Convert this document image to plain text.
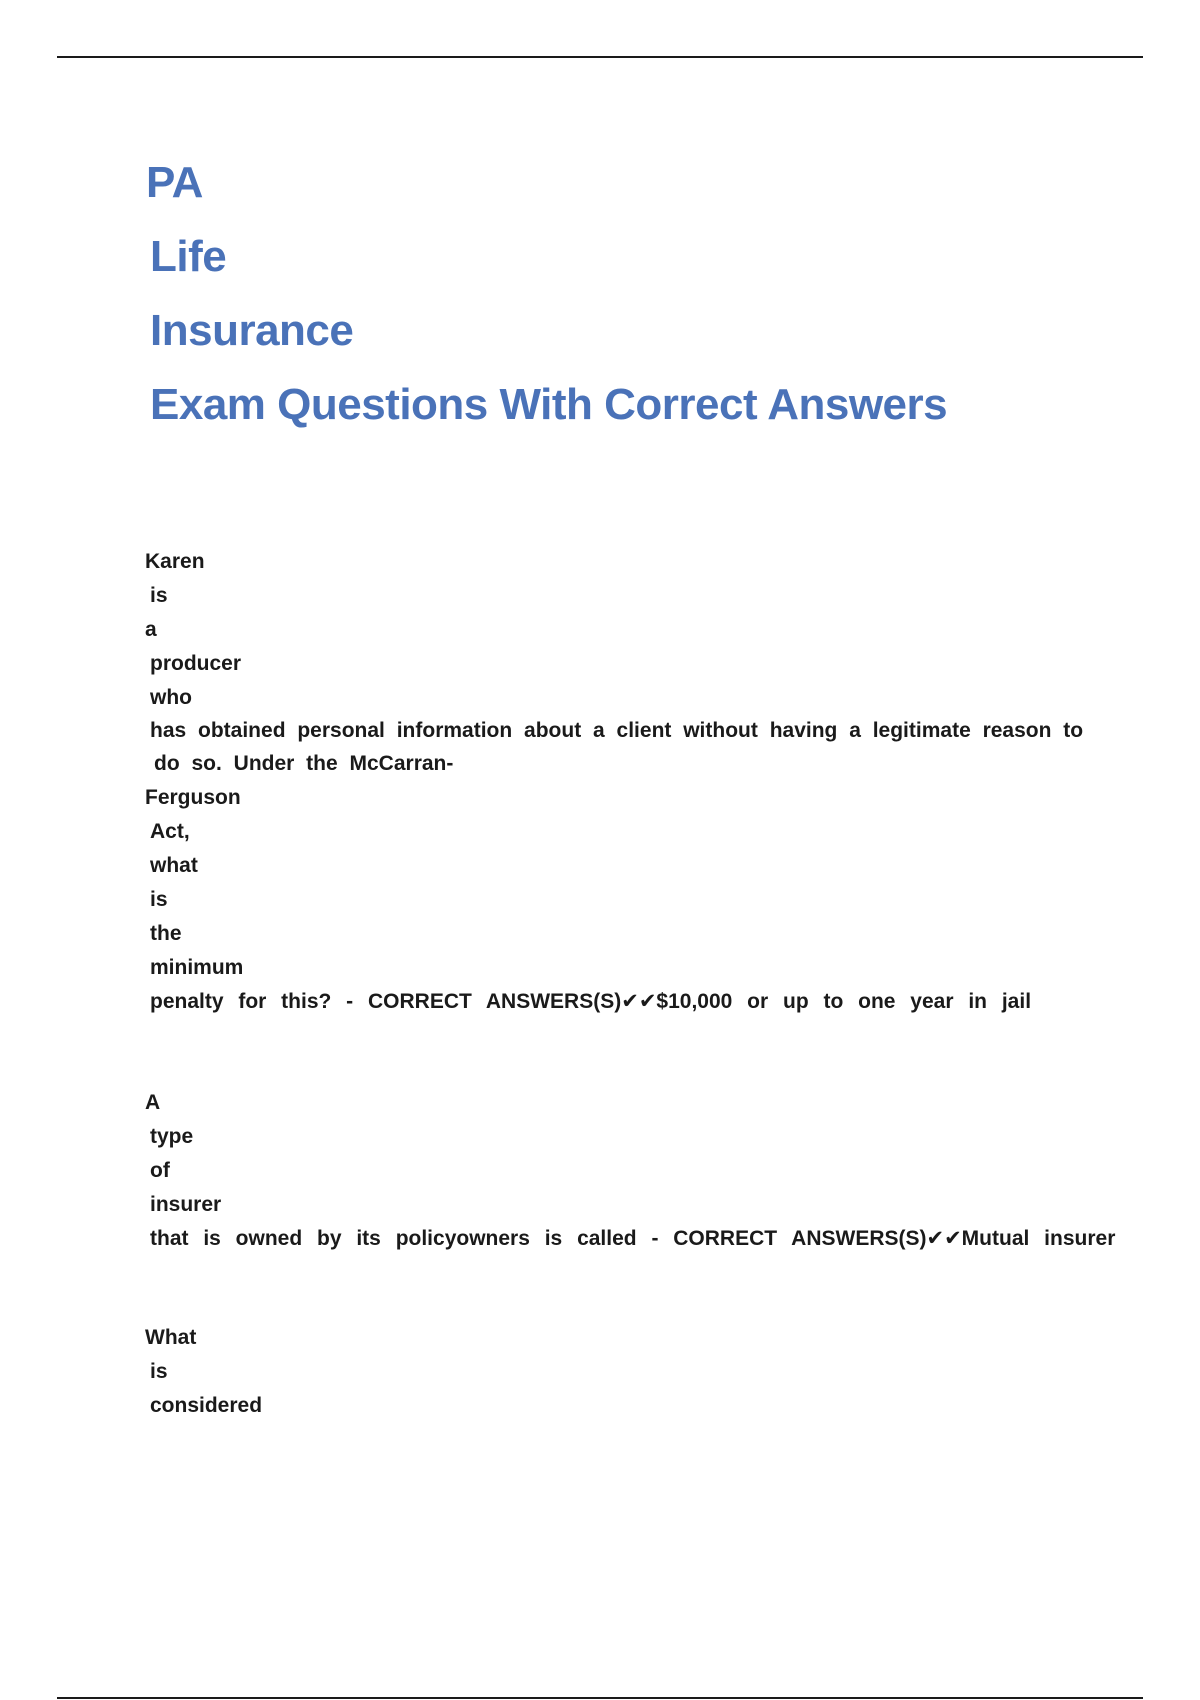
PA
Life
Insurance
Exam Questions With Correct Answers
Karen
is
a
producer
who
has obtained personal information about a client without having a legitimate reason to
do so. Under the McCarran-
Ferguson
Act,
what
is
the
minimum
penalty for this? - CORRECT ANSWERS(S)✔✔$10,000 or up to one year in jail
A
type
of
insurer
that is owned by its policyowners is called - CORRECT ANSWERS(S)✔✔Mutual insurer
What
is
considered
